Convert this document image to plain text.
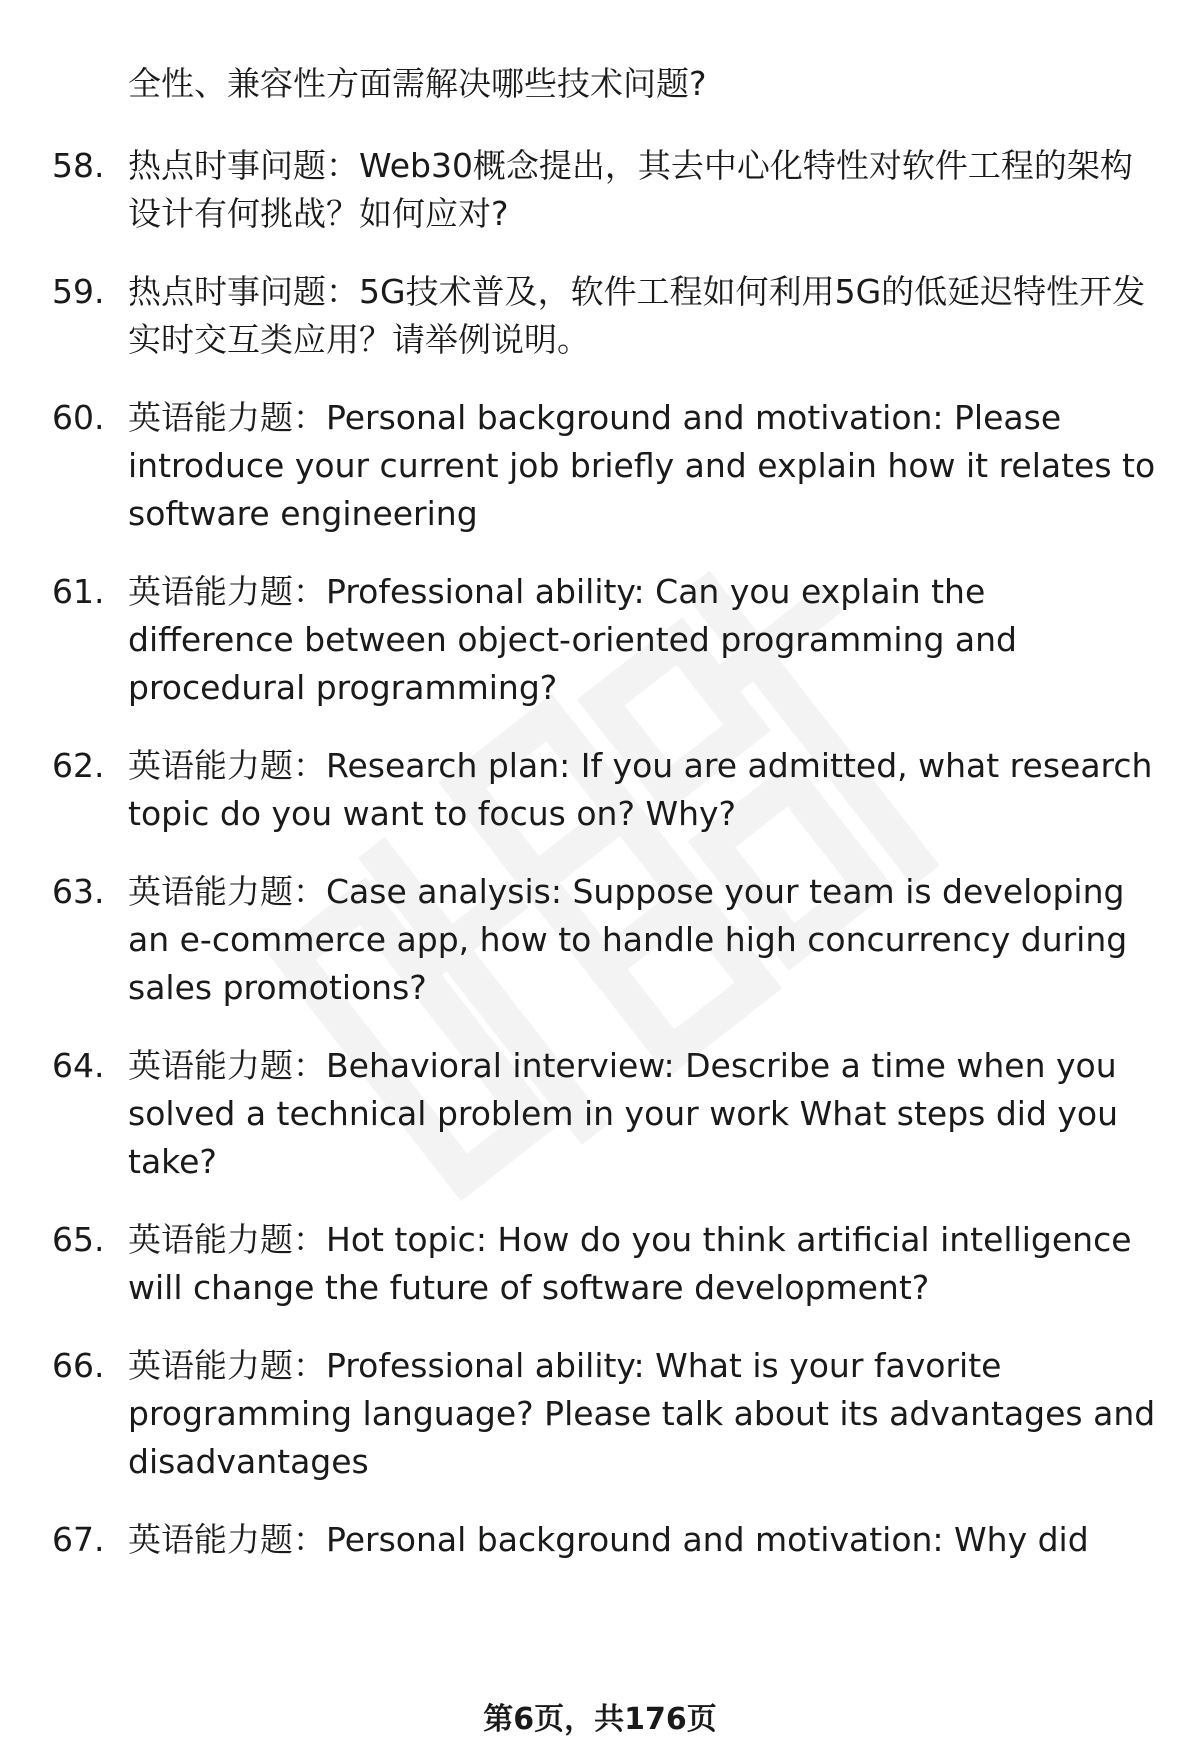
全性、兼容性方面需解决哪些技术问题?

58. 热点时事问题：Web30概念提出，其去中心化特性对软件工程的架构设计有何挑战？如何应对?
59. 热点时事问题：5G技术普及，软件工程如何利用5G的低延迟特性开发实时交互类应用？请举例说明。
60. 英语能力题：Personal background and motivation: Please introduce your current job briefly and explain how it relates to software engineering
61. 英语能力题：Professional ability: Can you explain the difference between object-oriented programming and procedural programming?
62. 英语能力题：Research plan: If you are admitted, what research topic do you want to focus on? Why?
63. 英语能力题：Case analysis: Suppose your team is developing an e-commerce app, how to handle high concurrency during sales promotions?
64. 英语能力题：Behavioral interview: Describe a time when you solved a technical problem in your work What steps did you take?
65. 英语能力题：Hot topic: How do you think artificial intelligence will change the future of software development?
66. 英语能力题：Professional ability: What is your favorite programming language? Please talk about its advantages and disadvantages
67. 英语能力题：Personal background and motivation: Why did
第6页，共176页
